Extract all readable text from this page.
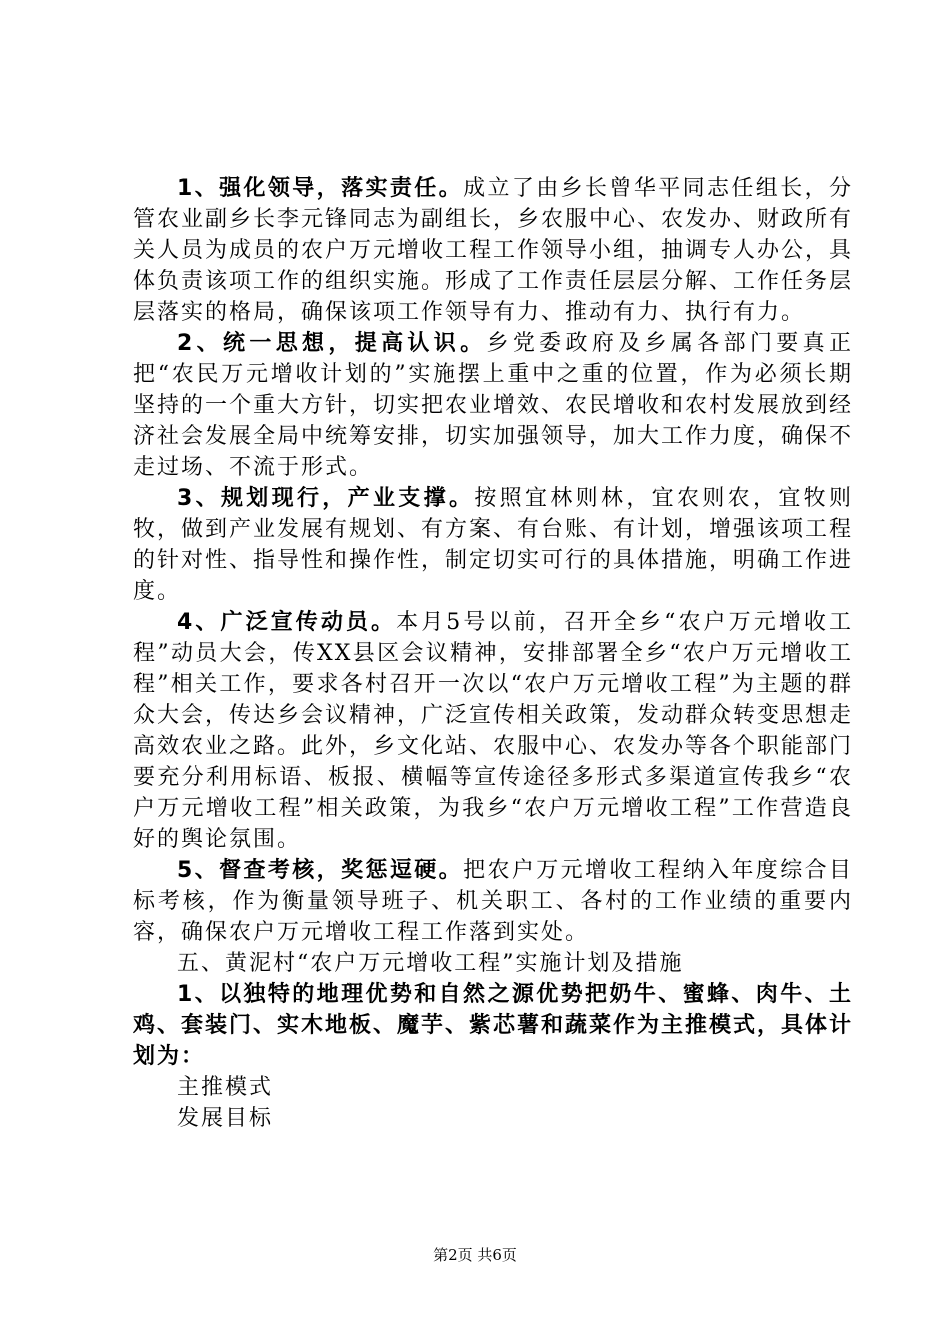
1、强化领导，落实责任。成立了由乡长曾华平同志任组长，分管农业副乡长李元锋同志为副组长，乡农服中心、农发办、财政所有关人员为成员的农户万元增收工程工作领导小组，抽调专人办公，具体负责该项工作的组织实施。形成了工作责任层层分解、工作任务层层落实的格局，确保该项工作领导有力、推动有力、执行有力。

2、统一思想，提高认识。乡党委政府及乡属各部门要真正把“农民万元增收计划的”实施摆上重中之重的位置，作为必须长期坚持的一个重大方针，切实把农业增效、农民增收和农村发展放到经济社会发展全局中统筹安排，切实加强领导，加大工作力度，确保不走过场、不流于形式。

3、规划现行，产业支撑。按照宜林则林，宜农则农，宜牧则牧，做到产业发展有规划、有方案、有台账、有计划，增强该项工程的针对性、指导性和操作性，制定切实可行的具体措施，明确工作进度。

4、广泛宣传动员。本月5号以前，召开全乡“农户万元增收工程”动员大会，传XX县区会议精神，安排部署全乡“农户万元增收工程”相关工作，要求各村召开一次以“农户万元增收工程”为主题的群众大会，传达乡会议精神，广泛宣传相关政策，发动群众转变思想走高效农业之路。此外，乡文化站、农服中心、农发办等各个职能部门要充分利用标语、板报、横幅等宣传途径多形式多渠道宣传我乡“农户万元增收工程”相关政策，为我乡“农户万元增收工程”工作营造良好的舆论氛围。

5、督查考核，奖惩逗硬。把农户万元增收工程纳入年度综合目标考核，作为衡量领导班子、机关职工、各村的工作业绩的重要内容，确保农户万元增收工程工作落到实处。

五、黄泥村“农户万元增收工程”实施计划及措施

1、以独特的地理优势和自然之源优势把奶牛、蜜蜂、肉牛、土鸡、套装门、实木地板、魔芋、紫芯薯和蔬菜作为主推模式，具体计划为：

主推模式

发展目标

第2页 共6页
